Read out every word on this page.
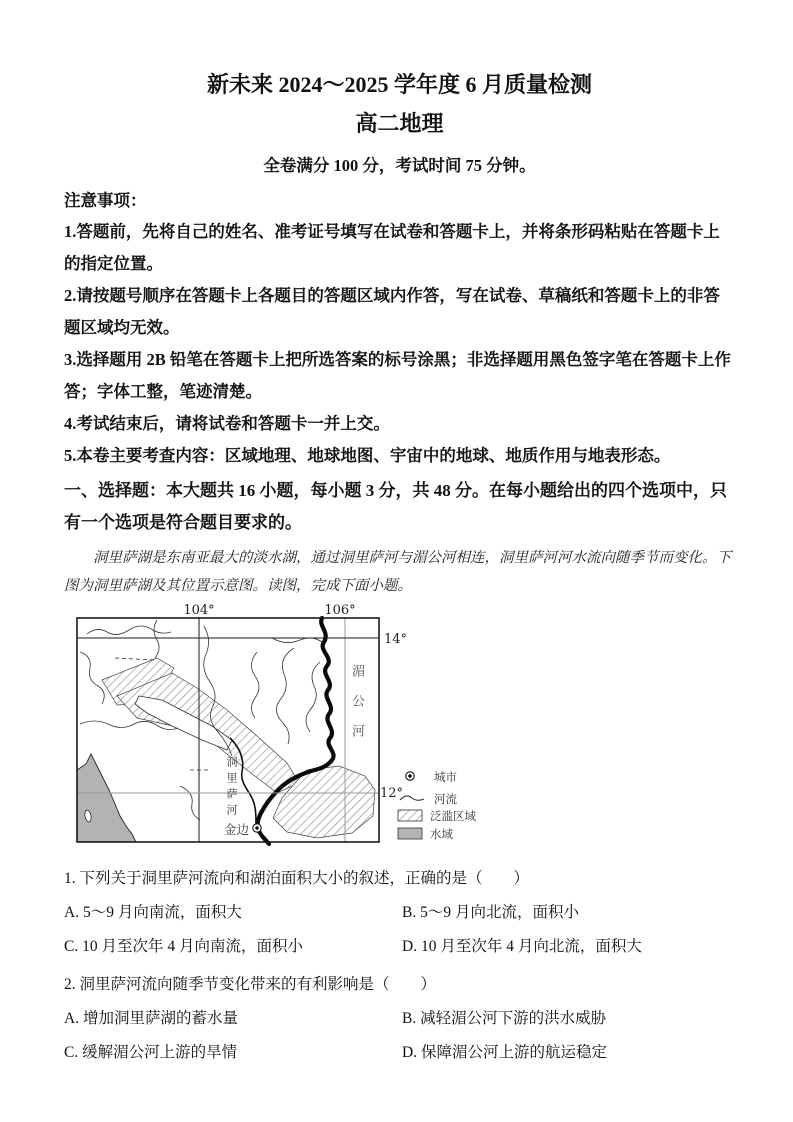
新未来 2024～2025 学年度 6 月质量检测

高二地理

全卷满分 100 分，考试时间 75 分钟。

注意事项：

1.答题前，先将自己的姓名、准考证号填写在试卷和答题卡上，并将条形码粘贴在答题卡上的指定位置。

2.请按题号顺序在答题卡上各题目的答题区域内作答，写在试卷、草稿纸和答题卡上的非答题区域均无效。

3.选择题用 2B 铅笔在答题卡上把所选答案的标号涂黑；非选择题用黑色签字笔在答题卡上作答；字体工整，笔迹清楚。

4.考试结束后，请将试卷和答题卡一并上交。

5.本卷主要考查内容：区域地理、地球地图、宇宙中的地球、地质作用与地表形态。

一、选择题：本大题共 16 小题，每小题 3 分，共 48 分。在每小题给出的四个选项中，只有一个选项是符合题目要求的。

洞里萨湖是东南亚最大的淡水湖，通过洞里萨河与湄公河相连，洞里萨河河水流向随季节而变化。下图为洞里萨湖及其位置示意图。读图，完成下面小题。

104°	106°
14°
12°
金边
城市
河流
泛滥区域
水域
湄公河
洞里萨河

1. 下列关于洞里萨河流向和湖泊面积大小的叙述，正确的是（　　）

A. 5～9 月向南流，面积大	B. 5～9 月向北流，面积小
C. 10 月至次年 4 月向南流，面积小	D. 10 月至次年 4 月向北流，面积大

2. 洞里萨河流向随季节变化带来的有利影响是（　　）

A. 增加洞里萨湖的蓄水量	B. 减轻湄公河下游的洪水威胁
C. 缓解湄公河上游的旱情	D. 保障湄公河上游的航运稳定
